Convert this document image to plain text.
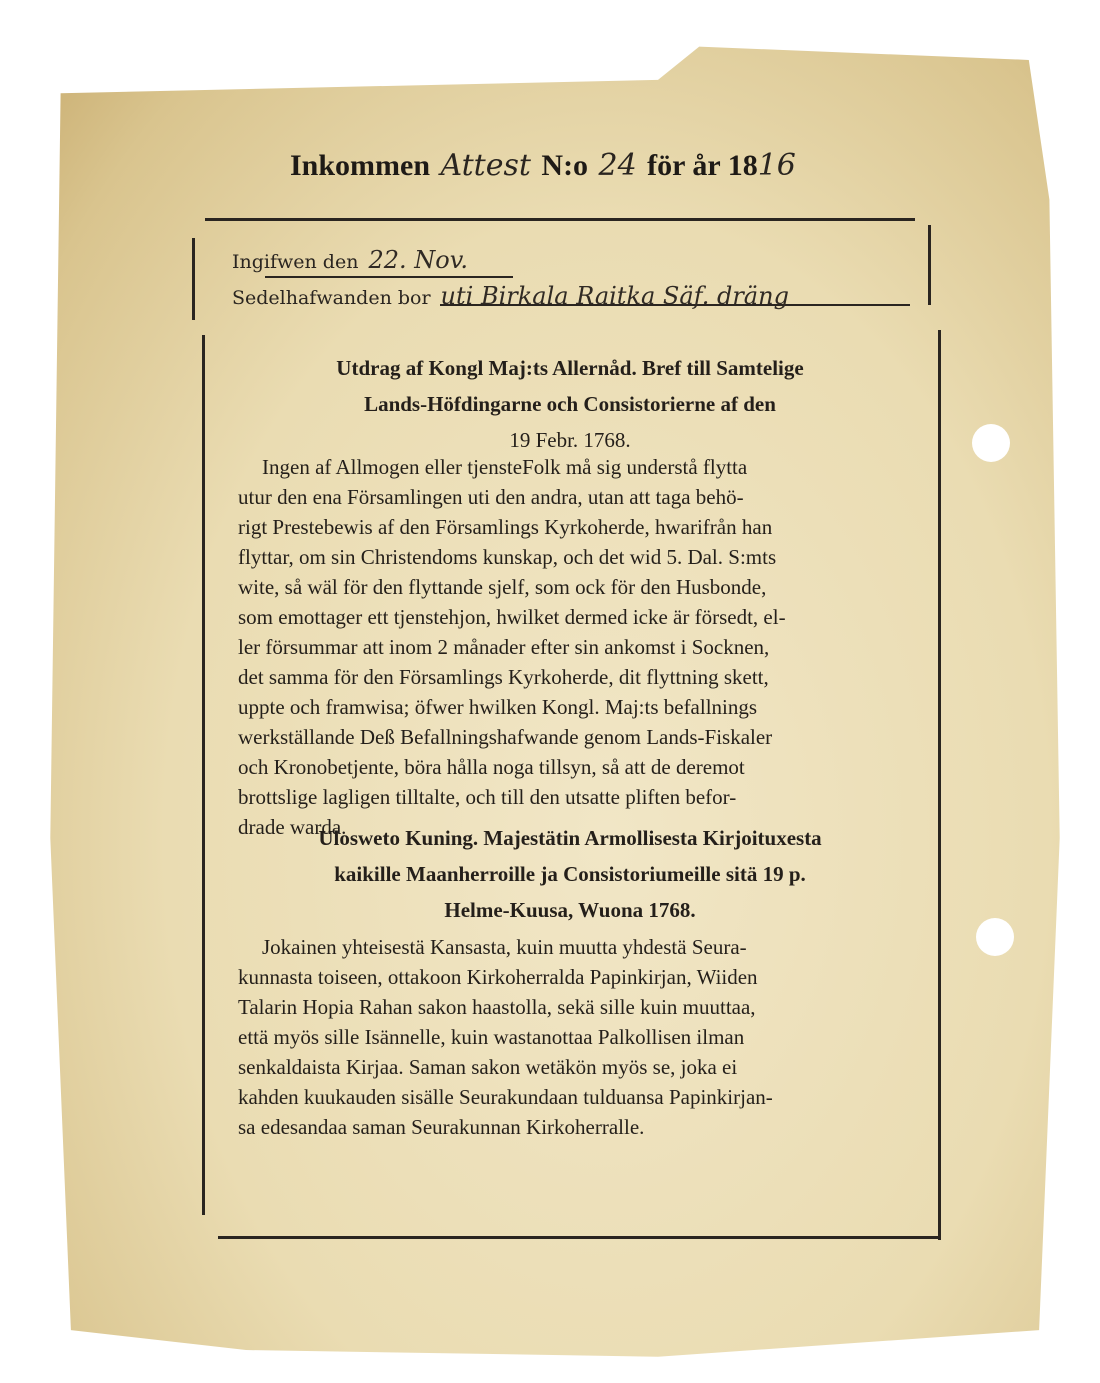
Inkommen Attest N:o 24 för år 1816
Ingifwen den 22. Nov.
Sedelhafwanden bor uti Birkala Raitka Säf. dräng
Utdrag af Kongl Maj:ts Allernåd. Bref till Samtelige
Lands-Höfdingarne och Consistorierne af den
19 Febr. 1768.
Ingen af Allmogen eller tjensteFolk må sig understå flytta
utur den ena Församlingen uti den andra, utan att taga behö-
rigt Prestebewis af den Församlings Kyrkoherde, hwarifrån han
flyttar, om sin Christendoms kunskap, och det wid 5. Dal. S:mts
wite, så wäl för den flyttande sjelf, som ock för den Husbonde,
som emottager ett tjenstehjon, hwilket dermed icke är försedt, el-
ler försummar att inom 2 månader efter sin ankomst i Socknen,
det samma för den Församlings Kyrkoherde, dit flyttning skett,
uppte och framwisa; öfwer hwilken Kongl. Maj:ts befallnings
werkställande Deß Befallningshafwande genom Lands-Fiskaler
och Kronobetjente, böra hålla noga tillsyn, så att de deremot
brottslige lagligen tilltalte, och till den utsatte pliften befor-
drade warda.
Ulosweto Kuning. Majestätin Armollisesta Kirjoituxesta
kaikille Maanherroille ja Consistoriumeille sitä 19 p.
Helme-Kuusa, Wuona 1768.
Jokainen yhteisestä Kansasta, kuin muutta yhdestä Seura-
kunnasta toiseen, ottakoon Kirkoherralda Papinkirjan, Wiiden
Talarin Hopia Rahan sakon haastolla, sekä sille kuin muuttaa,
että myös sille Isännelle, kuin wastanottaa Palkollisen ilman
senkaldaista Kirjaa. Saman sakon wetäkön myös se, joka ei
kahden kuukauden sisälle Seurakundaan tulduansa Papinkirjan-
sa edesandaa saman Seurakunnan Kirkoherralle.
